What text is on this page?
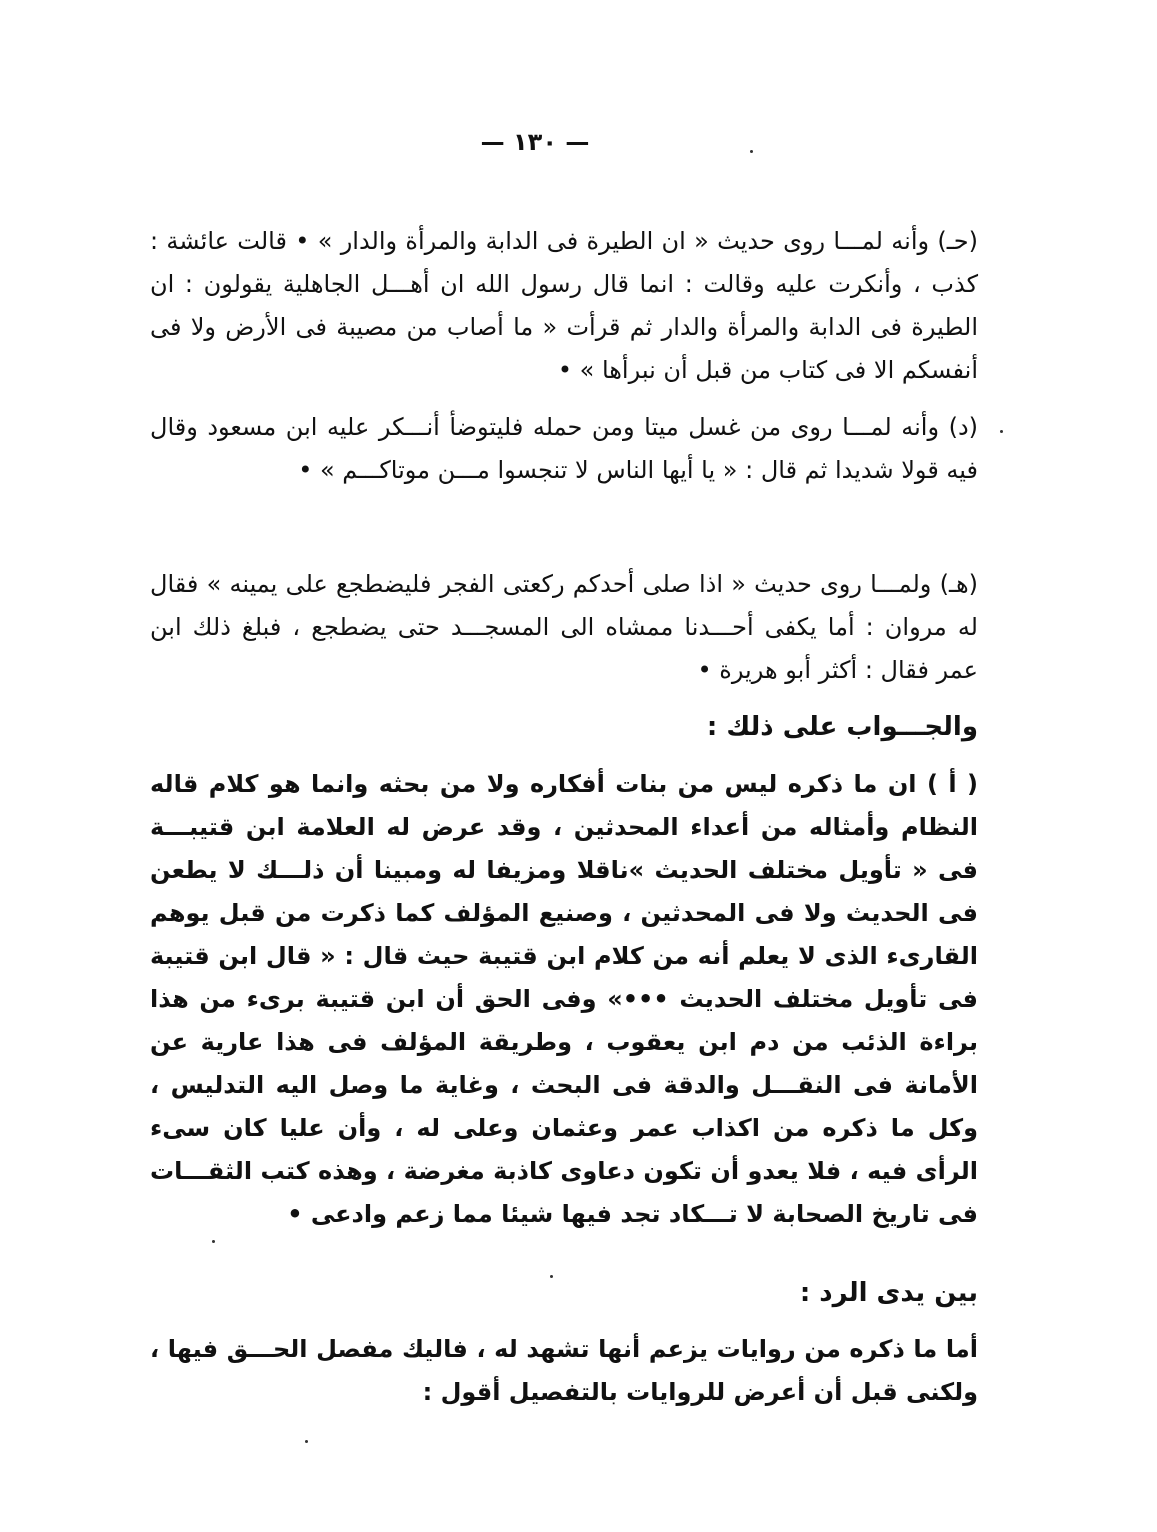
— ١٣٠ —

(حـ) وأنه لمـــا روى حديث « ان الطيرة فى الدابة والمرأة والدار » • قالت عائشة : كذب ، وأنكرت عليه وقالت : انما قال رسول الله ان أهـــل الجاهلية يقولون : ان الطيرة فى الدابة والمرأة والدار ثم قرأت « ما أصاب من مصيبة فى الأرض ولا فى أنفسكم الا فى كتاب من قبل أن نبرأها » •

(د) وأنه لمـــا روى من غسل ميتا ومن حمله فليتوضأ أنـــكر عليه ابن مسعود وقال فيه قولا شديدا ثم قال : « يا أيها الناس لا تنجسوا مـــن موتاكـــم » •

(هـ) ولمـــا روى حديث « اذا صلى أحدكم ركعتى الفجر فليضطجع على يمينه » فقال له مروان : أما يكفى أحـــدنا ممشاه الى المسجـــد حتى يضطجع ، فبلغ ذلك ابن عمر فقال : أكثر أبو هريرة •

والجـــواب على ذلك :

( أ ) ان ما ذكره ليس من بنات أفكاره ولا من بحثه وانما هو كلام قاله النظام وأمثاله من أعداء المحدثين ، وقد عرض له العلامة ابن قتيبـــة فى « تأويل مختلف الحديث »ناقلا ومزيفا له ومبينا أن ذلـــك لا يطعن فى الحديث ولا فى المحدثين ، وصنيع المؤلف كما ذكرت من قبل يوهم القارىء الذى لا يعلم أنه من كلام ابن قتيبة حيث قال : « قال ابن قتيبة فى تأويل مختلف الحديث •••» وفى الحق أن ابن قتيبة برىء من هذا براءة الذئب من دم ابن يعقوب ، وطريقة المؤلف فى هذا عارية عن الأمانة فى النقـــل والدقة فى البحث ، وغاية ما وصل اليه التدليس ، وكل ما ذكره من اكذاب عمر وعثمان وعلى له ، وأن عليا كان سىء الرأى فيه ، فلا يعدو أن تكون دعاوى كاذبة مغرضة ، وهذه كتب الثقـــات فى تاريخ الصحابة لا تـــكاد تجد فيها شيئا مما زعم وادعى •

بين يدى الرد :

أما ما ذكره من روايات يزعم أنها تشهد له ، فاليك مفصل الحـــق فيها ، ولكنى قبل أن أعرض للروايات بالتفصيل أقول :
